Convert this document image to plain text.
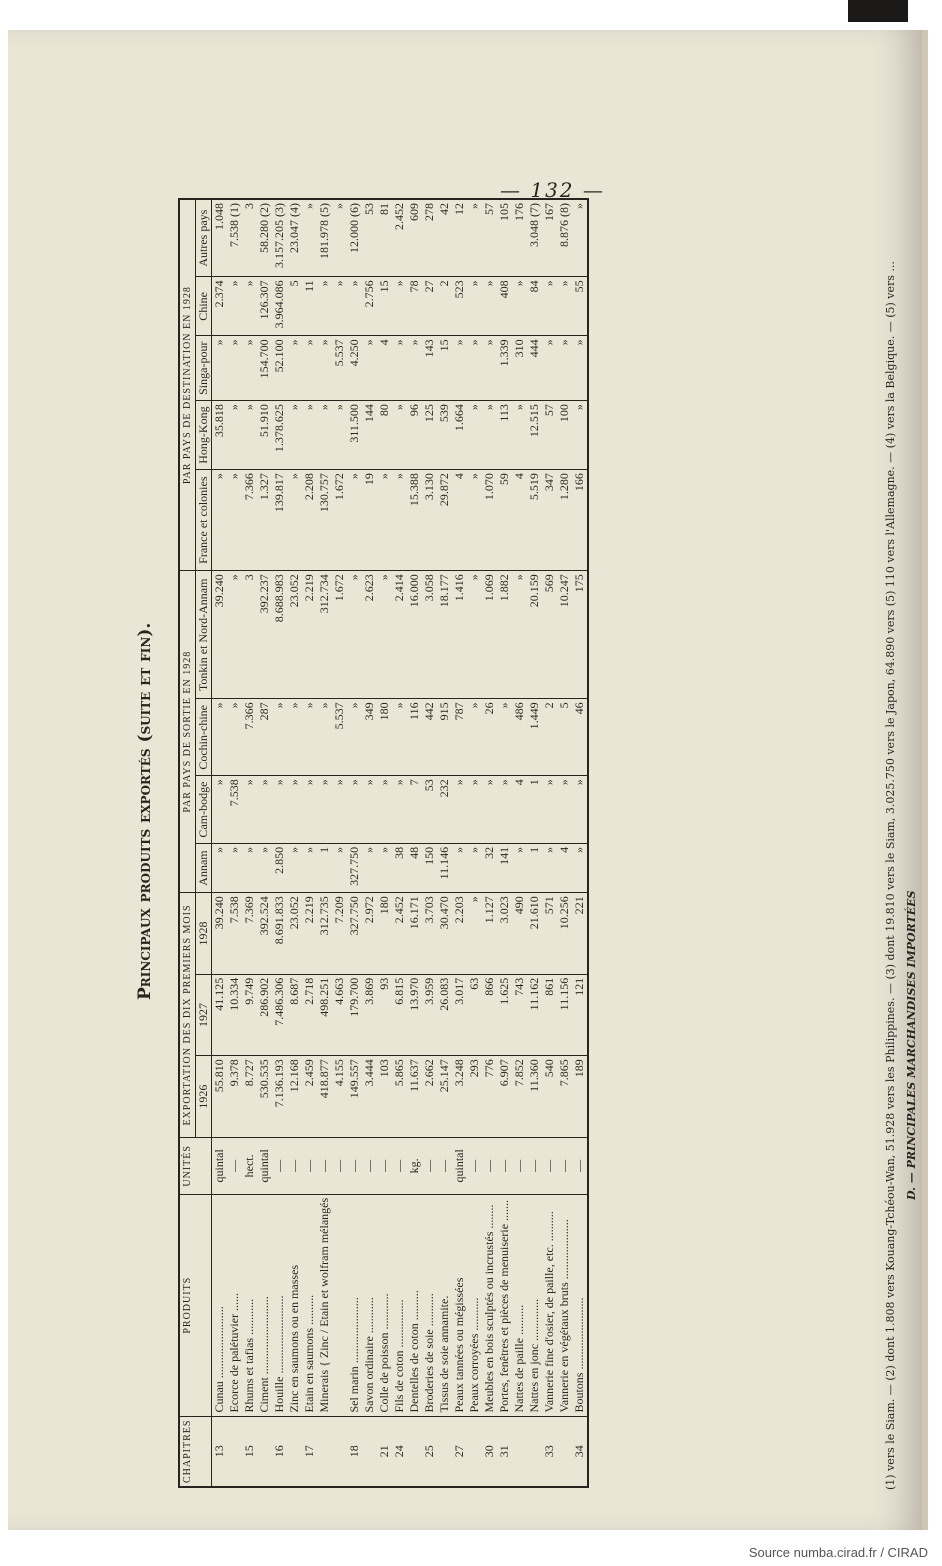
— 132 —
Principaux produits exportés (suite et fin).
CHAPITRES	PRODUITS	UNITÉS	EXPORTATION DES DIX PREMIERS MOIS			PAR PAYS DE SORTIE EN 1928				PAR PAYS DE DESTINATION EN 1928				
			1926	1927	1928	Annam	Cam-bodge	Cochin-chine	Tonkin et Nord-Annam	France et colonies	Hong-Kong	Singa-pour	Chine	Autres pays
13	Cunau ........................	quintal	55.810	41.125	39.240	»	»	»	39.240	»	35.818	»	2.374	1.048
	Ecorce de palétuvier ......	—	9.378	10.334	7.538	»	7.538	»	»	»	»	»	»	7.538 (1)
15	Rhums et tafias ............	hect.	8.727	9.749	7.369	»	»	7.366	3	7.366	»	»	»	3
	Ciment ..........................	quintal	530.535	286.902	392.524	»	»	287	392.237	1.327	51.910	154.700	126.307	58.280 (2)
16	Houille ..........................	—	7.136.193	7.486.306	8.691.833	2.850	»	»	8.688.983	139.817	1.378.625	52.100	3.964.086	3.157.205 (3)
	Zinc en saumons ou en masses	—	12.168	8.687	23.052	»	»	»	23.052	»	»	»	5	23.047 (4)
17	Etain en saumons ..........	—	2.459	2.718	2.219	»	»	»	2.219	2.208	»	»	11	»
	Minerais { Zinc / Etain et wolfram mélangés	—	418.877	498.251	312.735	1	»	»	312.734	130.757	»	»	»	181.978 (5)
		—	4.155	4.663	7.209	»	»	5.537	1.672	1.672	»	5.537	»	»
18	Sel marin ......................	—	149.557	179.700	327.750	327.750	»	»	»	»	311.500	4.250	»	12.000 (6)
	Savon ordinaire ............	—	3.444	3.869	2.972	»	»	349	2.623	19	144	»	2.756	53
21	Colle de poisson ............	—	103	93	180	»	»	180	»	»	80	4	15	81
24	Fils de coton ................	—	5.865	6.815	2.452	38	»	»	2.414	»	»	»	»	2.452
	Dentelles de coton ..........	kg.	11.637	13.970	16.171	48	7	116	16.000	15.388	96	»	78	609
25	Broderies de soie ...........	—	2.662	3.959	3.703	150	53	442	3.058	3.130	125	143	27	278
	Tissus de soie annamite.	—	25.147	26.083	30.470	11.146	232	915	18.177	29.872	539	15	2	42
27	Peaux tannées ou mégissées	quintal	3.248	3.017	2.203	»	»	787	1.416	4	1.664	»	523	12
	Peaux corroyées ...........	—	293	63	»	»	»	»	»	»	»	»	»	»
30	Meubles en bois sculptés ou incrustés ........	—	776	866	1.127	32	»	26	1.069	1.070	»	»	»	57
31	Portes, fenêtres et pièces de menuiserie .......	—	6.907	1.625	3.023	141	»	»	1.882	59	113	1.339	408	105
	Nattes de paille ..........	—	7.852	743	490	»	4	486	»	4	»	310	»	176
	Nattes en jonc ..............	—	11.360	11.162	21.610	1	1	1.449	20.159	5.519	12.515	444	84	3.048 (7)
33	Vannerie fine d'osier, de paille, etc. ..........	—	540	861	571	»	»	2	569	347	57	»	»	167
	Vannerie en végétaux bruts ....................	—	7.865	11.156	10.256	4	»	5	10.247	1.280	100	»	»	8.876 (8)
34	Boutons ........................	—	189	121	221	»	»	46	175	166	»	»	55	»
(1) vers le Siam. — (2) dont 1.808 vers Kouang-Tchéou-Wan, 51.928 vers les Philippines. — (3) dont 19.810 vers le Siam, 3.025.750 vers le Japon, 64.890 vers (5) 110 vers l'Allemagne. — (4) vers la Belgique. — (5) vers ... D. — PRINCIPALES MARCHANDISES IMPORTÉES
Source numba.cirad.fr / CIRAD
